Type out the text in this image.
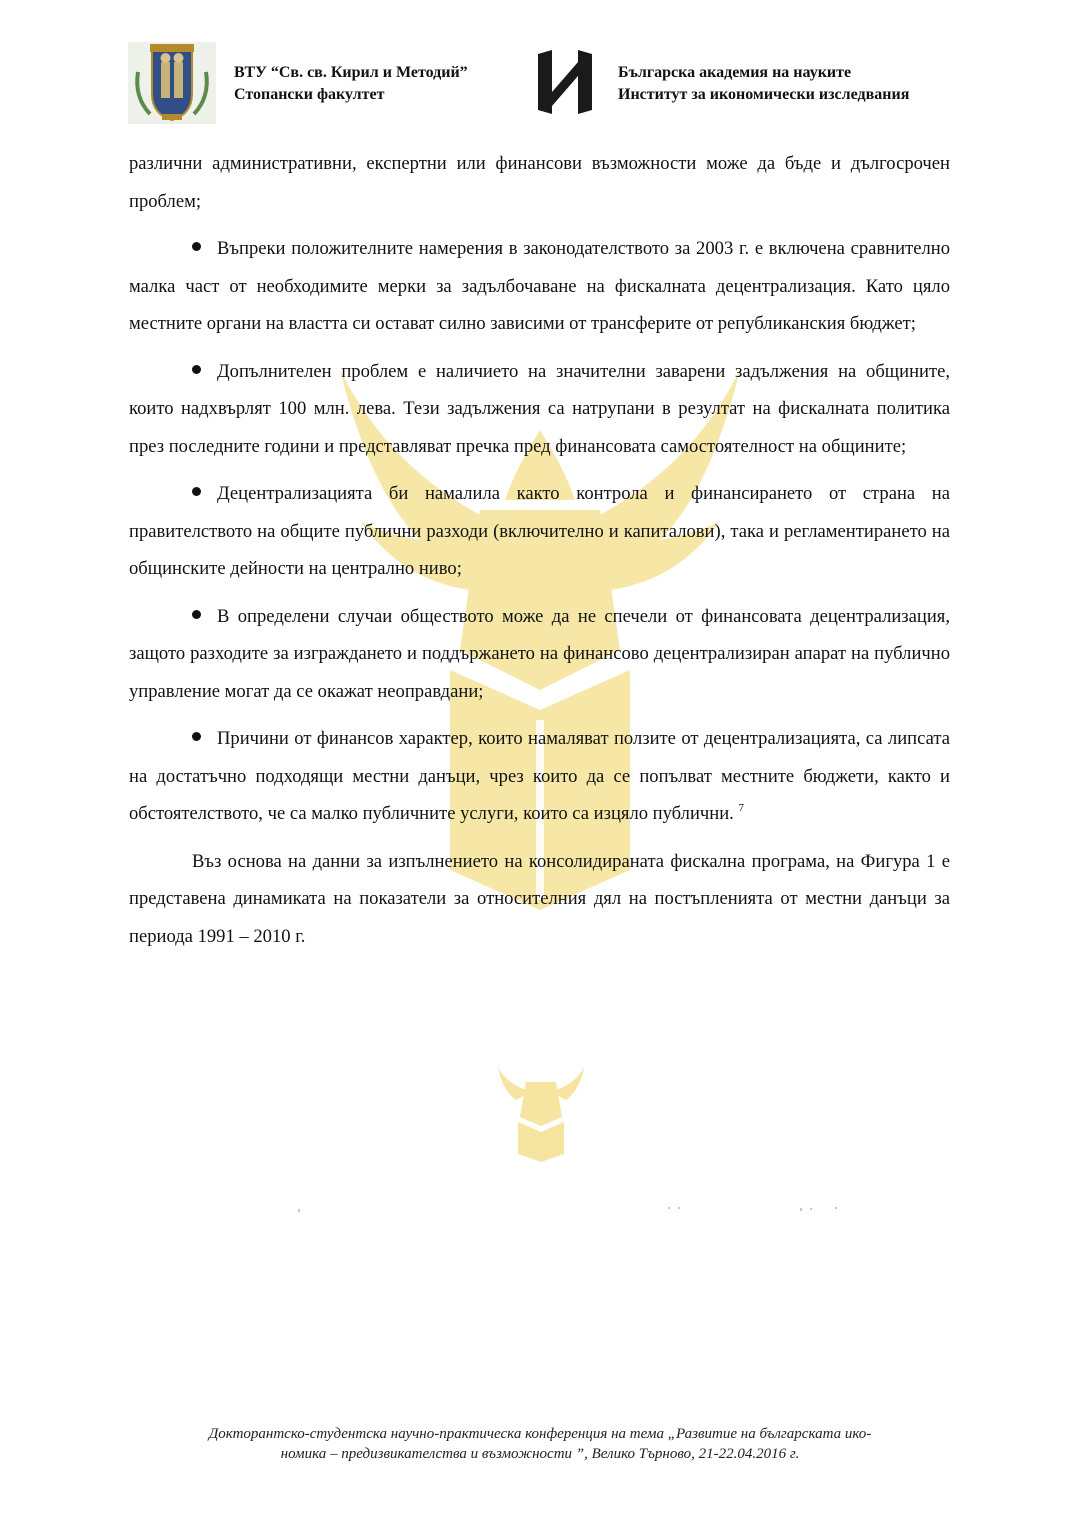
ВТУ “Св. св. Кирил и Методий”
Стопански факултет
Българска академия на науките
Институт за икономически изследвания

различни административни, експертни или финансови възможности може да бъде и дългосрочен проблем;

Въпреки положителните намерения в законодателството за 2003 г. е включена сравнително малка част от необходимите мерки за задълбочаване на фискалната децентрализация. Като цяло местните органи на властта си остават силно зависими от трансферите от републиканския бюджет;

Допълнителен проблем е наличието на значителни заварени задължения на общините, които надхвърлят 100 млн. лева. Тези задължения са натрупани в резултат на фискалната политика през последните години и представляват пречка пред финансовата самостоятелност на общините;

Децентрализацията би намалила както контрола и финансирането от страна на правителството на общите публични разходи (включително и капиталови), така и регламентирането на общинските дейности на централно ниво;

В определени случаи обществото може да не спечели от финансовата децентрализация, защото разходите за изграждането и поддържането на финансово децентрализиран апарат на публично управление могат да се окажат неоправдани;

Причини от финансов характер, които намаляват ползите от децентрализацията, са липсата на достатъчно подходящи местни данъци, чрез които да се попълват местните бюджети, както и обстоятелството, че са малко публичните услуги, които са изцяло публични. $^7$

Въз основа на данни за изпълнението на консолидираната фискална програма, на Фигура 1 е представена динамиката на показатели за относителния дял на постъпленията от местни данъци за периода 1991 – 2010 г.

Докторантско-студентска научно-практическа конференция на тема „Развитие на българската ико-
номика – предизвикателства и възможности ”, Велико Търново, 21-22.04.2016 г.
